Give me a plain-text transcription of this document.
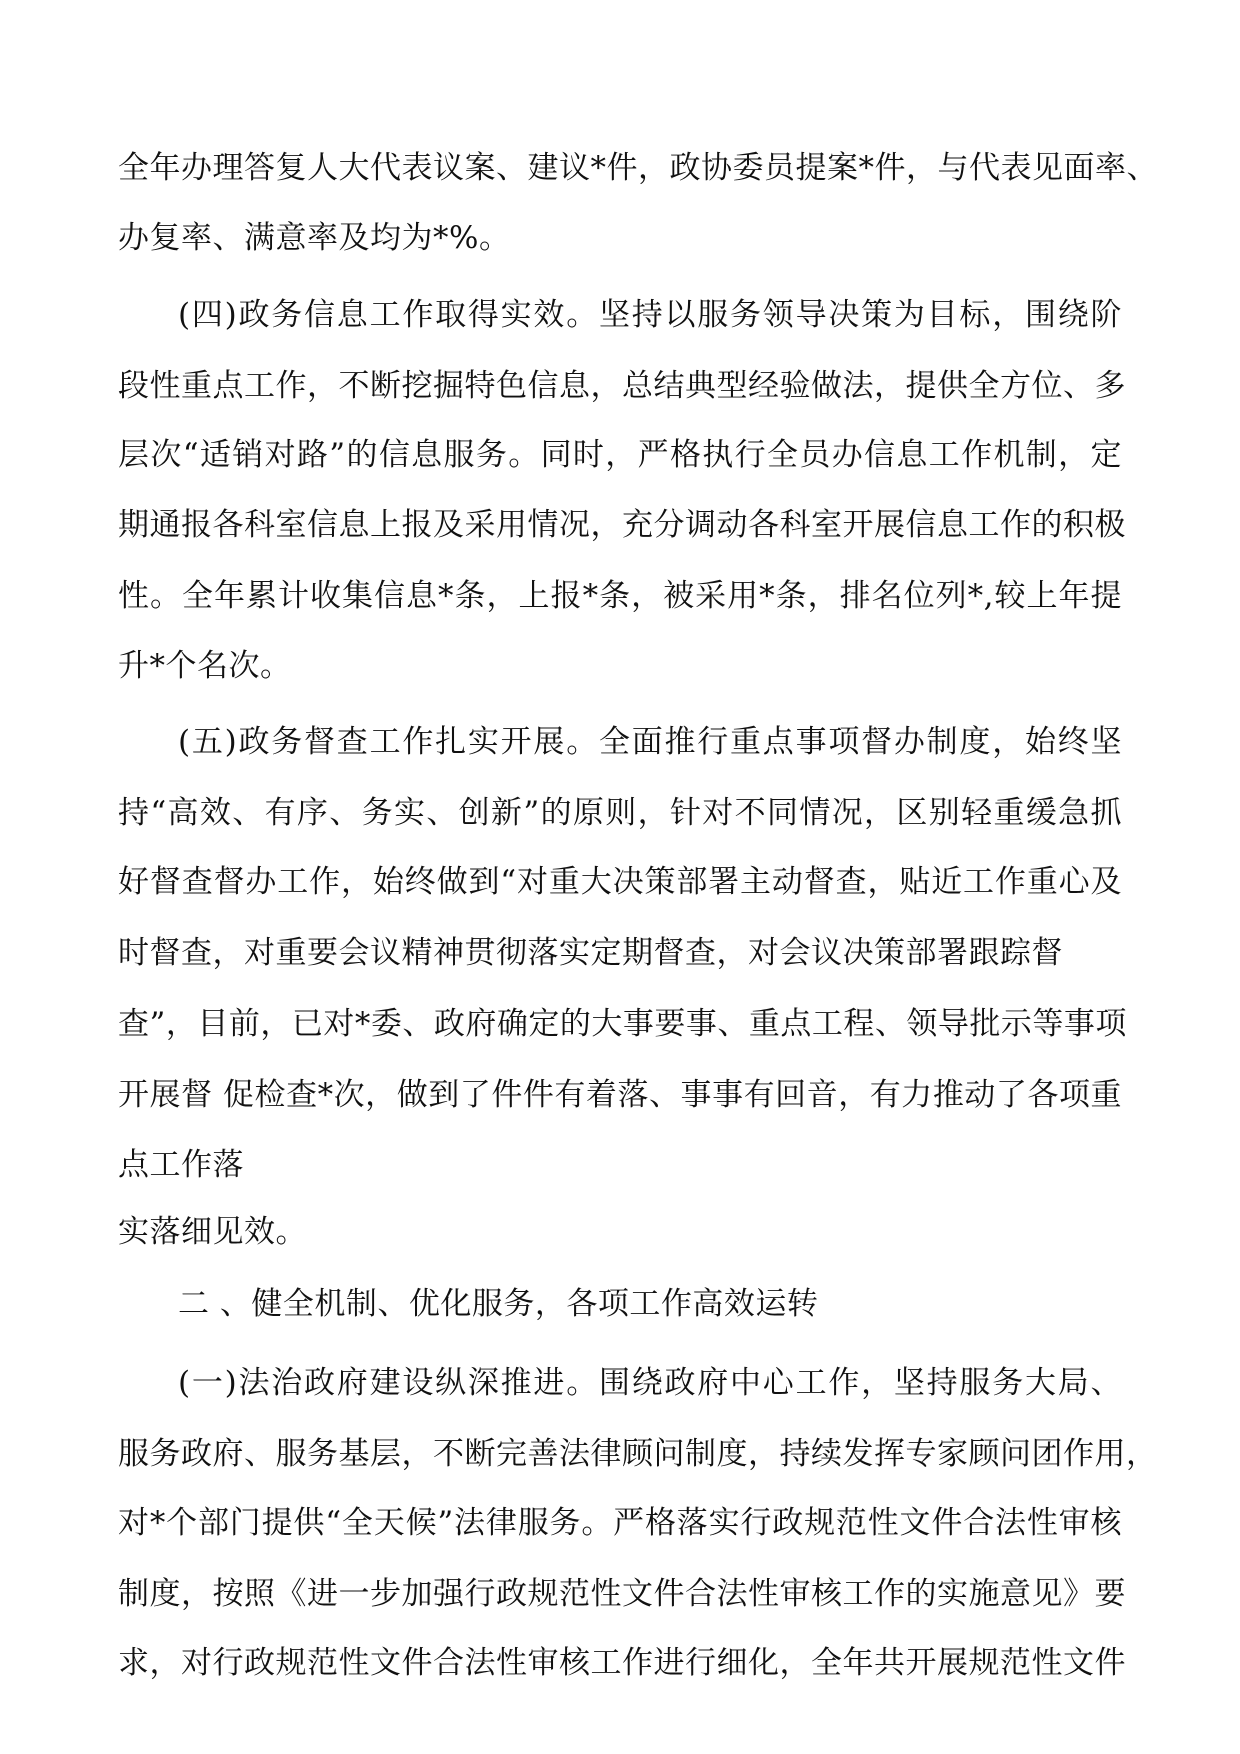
全年办理答复人大代表议案、建议*件，政协委员提案*件，与代表见面率、
办复率、满意率及均为*%。
(四)政务信息工作取得实效。坚持以服务领导决策为目标，围绕阶
段性重点工作，不断挖掘特色信息，总结典型经验做法，提供全方位、多
层次“适销对路”的信息服务。同时，严格执行全员办信息工作机制，定
期通报各科室信息上报及采用情况，充分调动各科室开展信息工作的积极
性。全年累计收集信息*条，上报*条，被采用*条，排名位列*,较上年提
升*个名次。
(五)政务督查工作扎实开展。全面推行重点事项督办制度，始终坚
持“高效、有序、务实、创新”的原则，针对不同情况，区别轻重缓急抓
好督查督办工作，始终做到“对重大决策部署主动督查，贴近工作重心及
时督查，对重要会议精神贯彻落实定期督查，对会议决策部署跟踪督
查”，目前，已对*委、政府确定的大事要事、重点工程、领导批示等事项
开展督 促检查*次，做到了件件有着落、事事有回音，有力推动了各项重
点工作落
实落细见效。
二 、健全机制、优化服务，各项工作高效运转
(一)法治政府建设纵深推进。围绕政府中心工作，坚持服务大局、
服务政府、服务基层，不断完善法律顾问制度，持续发挥专家顾问团作用，
对*个部门提供“全天候”法律服务。严格落实行政规范性文件合法性审核
制度，按照《进一步加强行政规范性文件合法性审核工作的实施意见》要
求，对行政规范性文件合法性审核工作进行细化，全年共开展规范性文件
